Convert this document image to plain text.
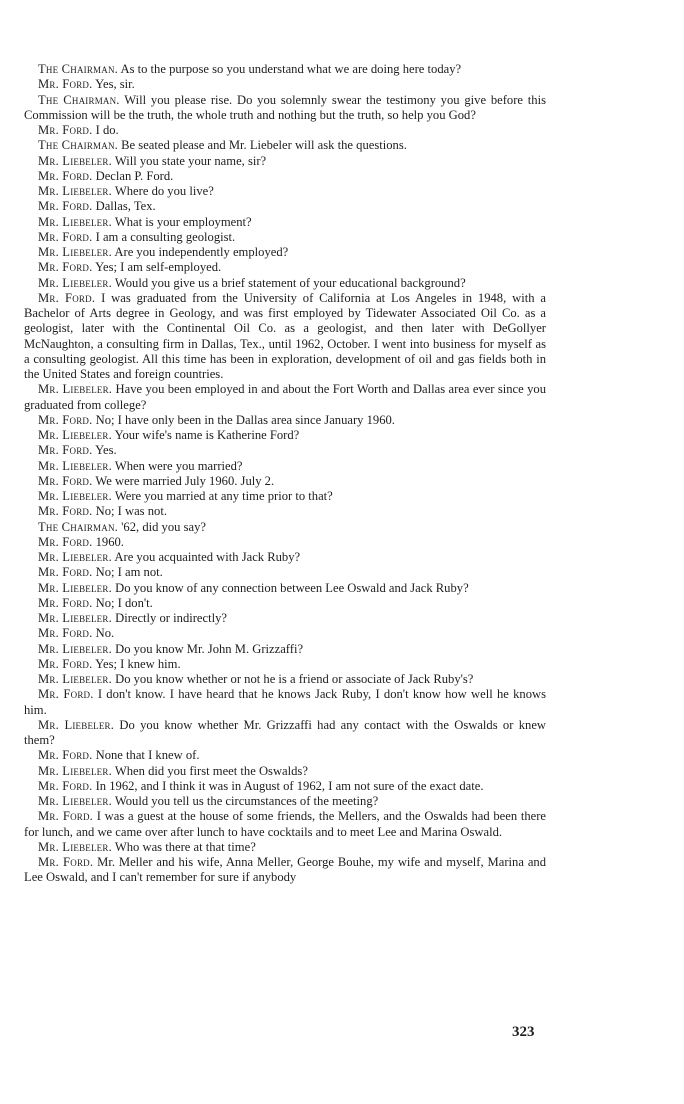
The Chairman. As to the purpose so you understand what we are doing here today?

Mr. Ford. Yes, sir.

The Chairman. Will you please rise. Do you solemnly swear the testimony you give before this Commission will be the truth, the whole truth and nothing but the truth, so help you God?

Mr. Ford. I do.

The Chairman. Be seated please and Mr. Liebeler will ask the questions.

Mr. Liebeler. Will you state your name, sir?

Mr. Ford. Declan P. Ford.

Mr. Liebeler. Where do you live?

Mr. Ford. Dallas, Tex.

Mr. Liebeler. What is your employment?

Mr. Ford. I am a consulting geologist.

Mr. Liebeler. Are you independently employed?

Mr. Ford. Yes; I am self-employed.

Mr. Liebeler. Would you give us a brief statement of your educational background?

Mr. Ford. I was graduated from the University of California at Los Angeles in 1948, with a Bachelor of Arts degree in Geology, and was first employed by Tidewater Associated Oil Co. as a geologist, later with the Continental Oil Co. as a geologist, and then later with DeGollyer McNaughton, a consulting firm in Dallas, Tex., until 1962, October. I went into business for myself as a consulting geologist. All this time has been in exploration, development of oil and gas fields both in the United States and foreign countries.

Mr. Liebeler. Have you been employed in and about the Fort Worth and Dallas area ever since you graduated from college?

Mr. Ford. No; I have only been in the Dallas area since January 1960.

Mr. Liebeler. Your wife's name is Katherine Ford?

Mr. Ford. Yes.

Mr. Liebeler. When were you married?

Mr. Ford. We were married July 1960. July 2.

Mr. Liebeler. Were you married at any time prior to that?

Mr. Ford. No; I was not.

The Chairman. '62, did you say?

Mr. Ford. 1960.

Mr. Liebeler. Are you acquainted with Jack Ruby?

Mr. Ford. No; I am not.

Mr. Liebeler. Do you know of any connection between Lee Oswald and Jack Ruby?

Mr. Ford. No; I don't.

Mr. Liebeler. Directly or indirectly?

Mr. Ford. No.

Mr. Liebeler. Do you know Mr. John M. Grizzaffi?

Mr. Ford. Yes; I knew him.

Mr. Liebeler. Do you know whether or not he is a friend or associate of Jack Ruby's?

Mr. Ford. I don't know. I have heard that he knows Jack Ruby, I don't know how well he knows him.

Mr. Liebeler. Do you know whether Mr. Grizzaffi had any contact with the Oswalds or knew them?

Mr. Ford. None that I knew of.

Mr. Liebeler. When did you first meet the Oswalds?

Mr. Ford. In 1962, and I think it was in August of 1962, I am not sure of the exact date.

Mr. Liebeler. Would you tell us the circumstances of the meeting?

Mr. Ford. I was a guest at the house of some friends, the Mellers, and the Oswalds had been there for lunch, and we came over after lunch to have cocktails and to meet Lee and Marina Oswald.

Mr. Liebeler. Who was there at that time?

Mr. Ford. Mr. Meller and his wife, Anna Meller, George Bouhe, my wife and myself, Marina and Lee Oswald, and I can't remember for sure if anybody

323
